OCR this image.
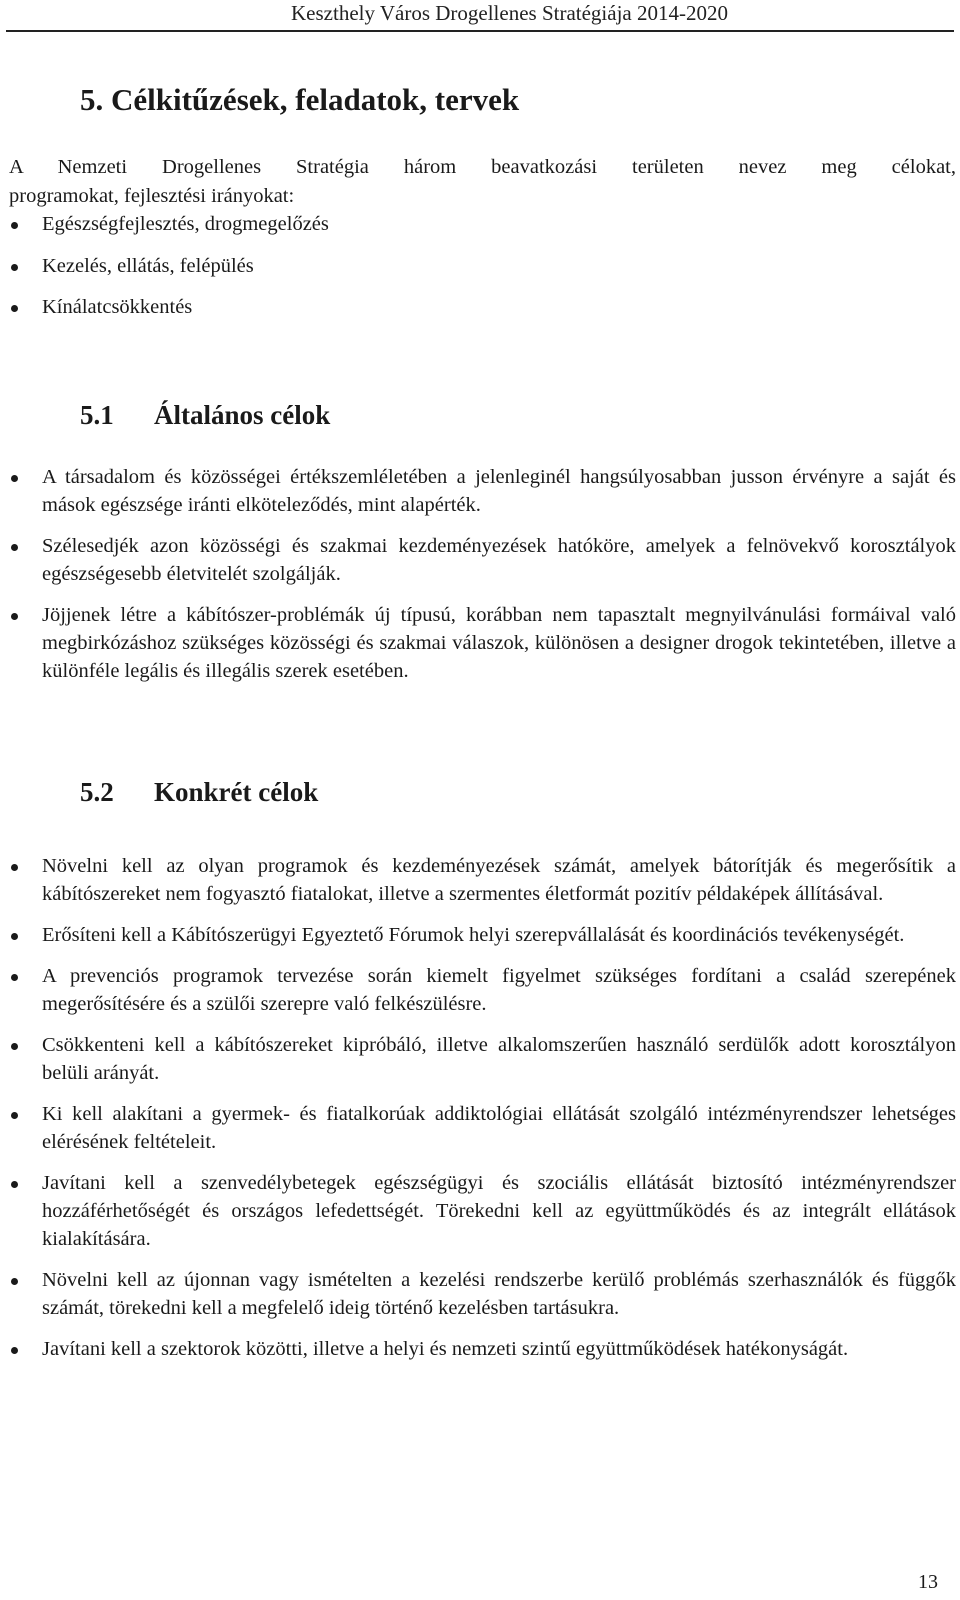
Keszthely Város Drogellenes Stratégiája 2014-2020
5. Célkitűzések, feladatok, tervek

A Nemzeti Drogellenes Stratégia három beavatkozási területen nevez meg célokat,

programokat, fejlesztési irányokat:

Egészségfejlesztés, drogmegelőzés
Kezelés, ellátás, felépülés
Kínálatcsökkentés
5.1 Általános célok
A társadalom és közösségei értékszemléletében a jelenleginél hangsúlyosabban jusson érvényre a saját és mások egészsége iránti elköteleződés, mint alapérték.
Szélesedjék azon közösségi és szakmai kezdeményezések hatóköre, amelyek a felnövekvő korosztályok egészségesebb életvitelét szolgálják.
Jöjjenek létre a kábítószer-problémák új típusú, korábban nem tapasztalt megnyilvánulási formáival való megbirkózáshoz szükséges közösségi és szakmai válaszok, különösen a designer drogok tekintetében, illetve a különféle legális és illegális szerek esetében.
5.2 Konkrét célok
Növelni kell az olyan programok és kezdeményezések számát, amelyek bátorítják és megerősítik a kábítószereket nem fogyasztó fiatalokat, illetve a szermentes életformát pozitív példaképek állításával.
Erősíteni kell a Kábítószerügyi Egyeztető Fórumok helyi szerepvállalását és koordinációs tevékenységét.
A prevenciós programok tervezése során kiemelt figyelmet szükséges fordítani a család szerepének megerősítésére és a szülői szerepre való felkészülésre.
Csökkenteni kell a kábítószereket kipróbáló, illetve alkalomszerűen használó serdülők adott korosztályon belüli arányát.
Ki kell alakítani a gyermek- és fiatalkorúak addiktológiai ellátását szolgáló intézményrendszer lehetséges elérésének feltételeit.
Javítani kell a szenvedélybetegek egészségügyi és szociális ellátását biztosító intézményrendszer hozzáférhetőségét és országos lefedettségét. Törekedni kell az együttműködés és az integrált ellátások kialakítására.
Növelni kell az újonnan vagy ismételten a kezelési rendszerbe kerülő problémás szerhasználók és függők számát, törekedni kell a megfelelő ideig történő kezelésben tartásukra.
Javítani kell a szektorok közötti, illetve a helyi és nemzeti szintű együttműködések hatékonyságát.
13
